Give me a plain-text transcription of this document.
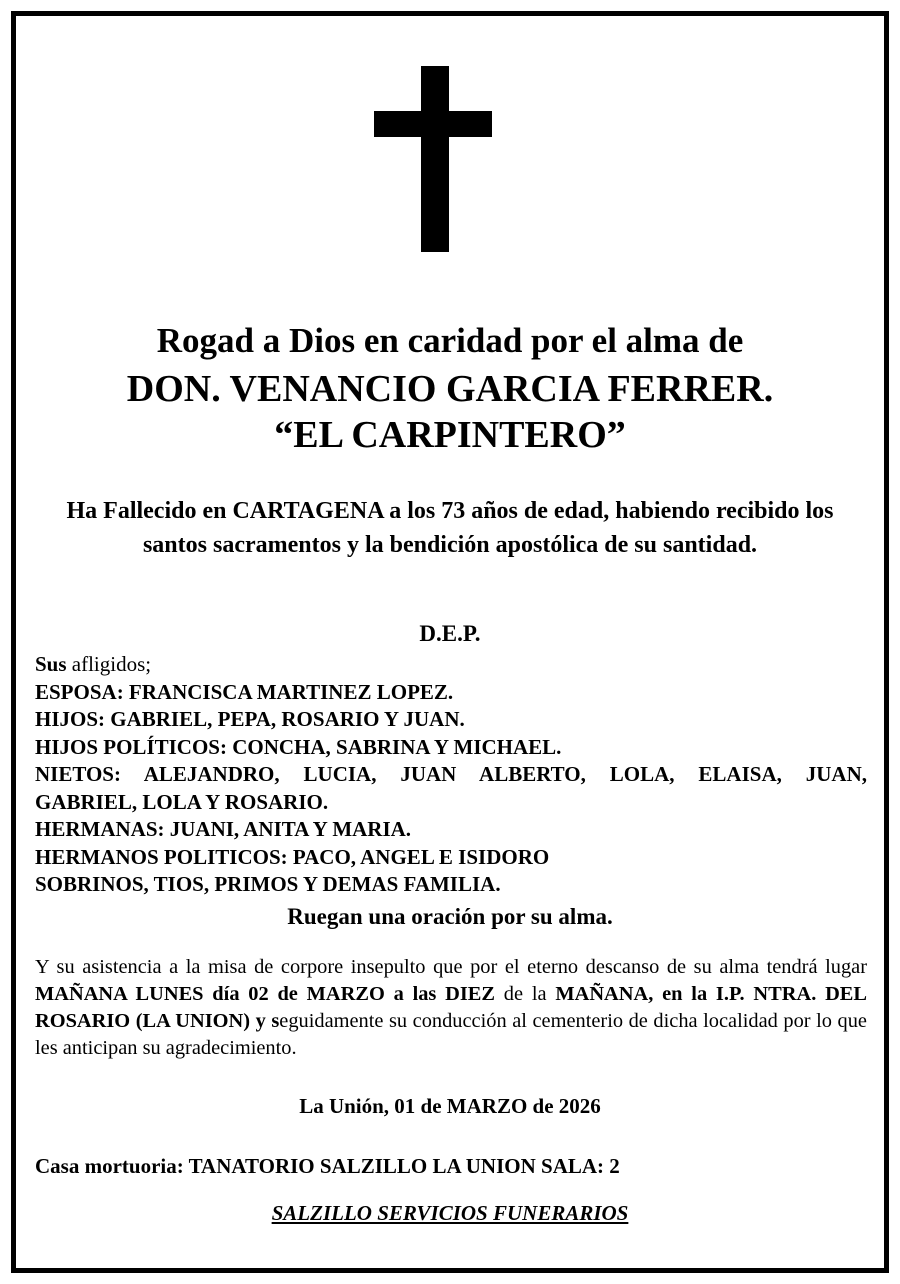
Rogad a Dios en caridad por el alma de
DON. VENANCIO GARCIA FERRER.
“EL CARPINTERO”
Ha Fallecido en CARTAGENA a los 73 años de edad, habiendo recibido los santos sacramentos y la bendición apostólica de su santidad.
D.E.P.
Sus afligidos;
ESPOSA: FRANCISCA MARTINEZ LOPEZ.
HIJOS: GABRIEL, PEPA, ROSARIO Y JUAN.
HIJOS POLÍTICOS: CONCHA, SABRINA Y MICHAEL.
NIETOS: ALEJANDRO, LUCIA, JUAN ALBERTO, LOLA, ELAISA, JUAN,
GABRIEL, LOLA Y ROSARIO.
HERMANAS: JUANI, ANITA Y MARIA.
HERMANOS POLITICOS: PACO, ANGEL E ISIDORO
SOBRINOS, TIOS, PRIMOS Y DEMAS FAMILIA.
Ruegan una oración por su alma.
Y su asistencia a la misa de corpore insepulto que por el eterno descanso de su alma tendrá lugar MAÑANA LUNES día 02 de MARZO a las DIEZ de la MAÑANA, en la I.P. NTRA. DEL ROSARIO (LA UNION) y seguidamente su conducción al cementerio de dicha localidad por lo que les anticipan su agradecimiento.
La Unión, 01 de MARZO de 2026
Casa mortuoria: TANATORIO SALZILLO LA UNION SALA: 2
SALZILLO SERVICIOS FUNERARIOS
